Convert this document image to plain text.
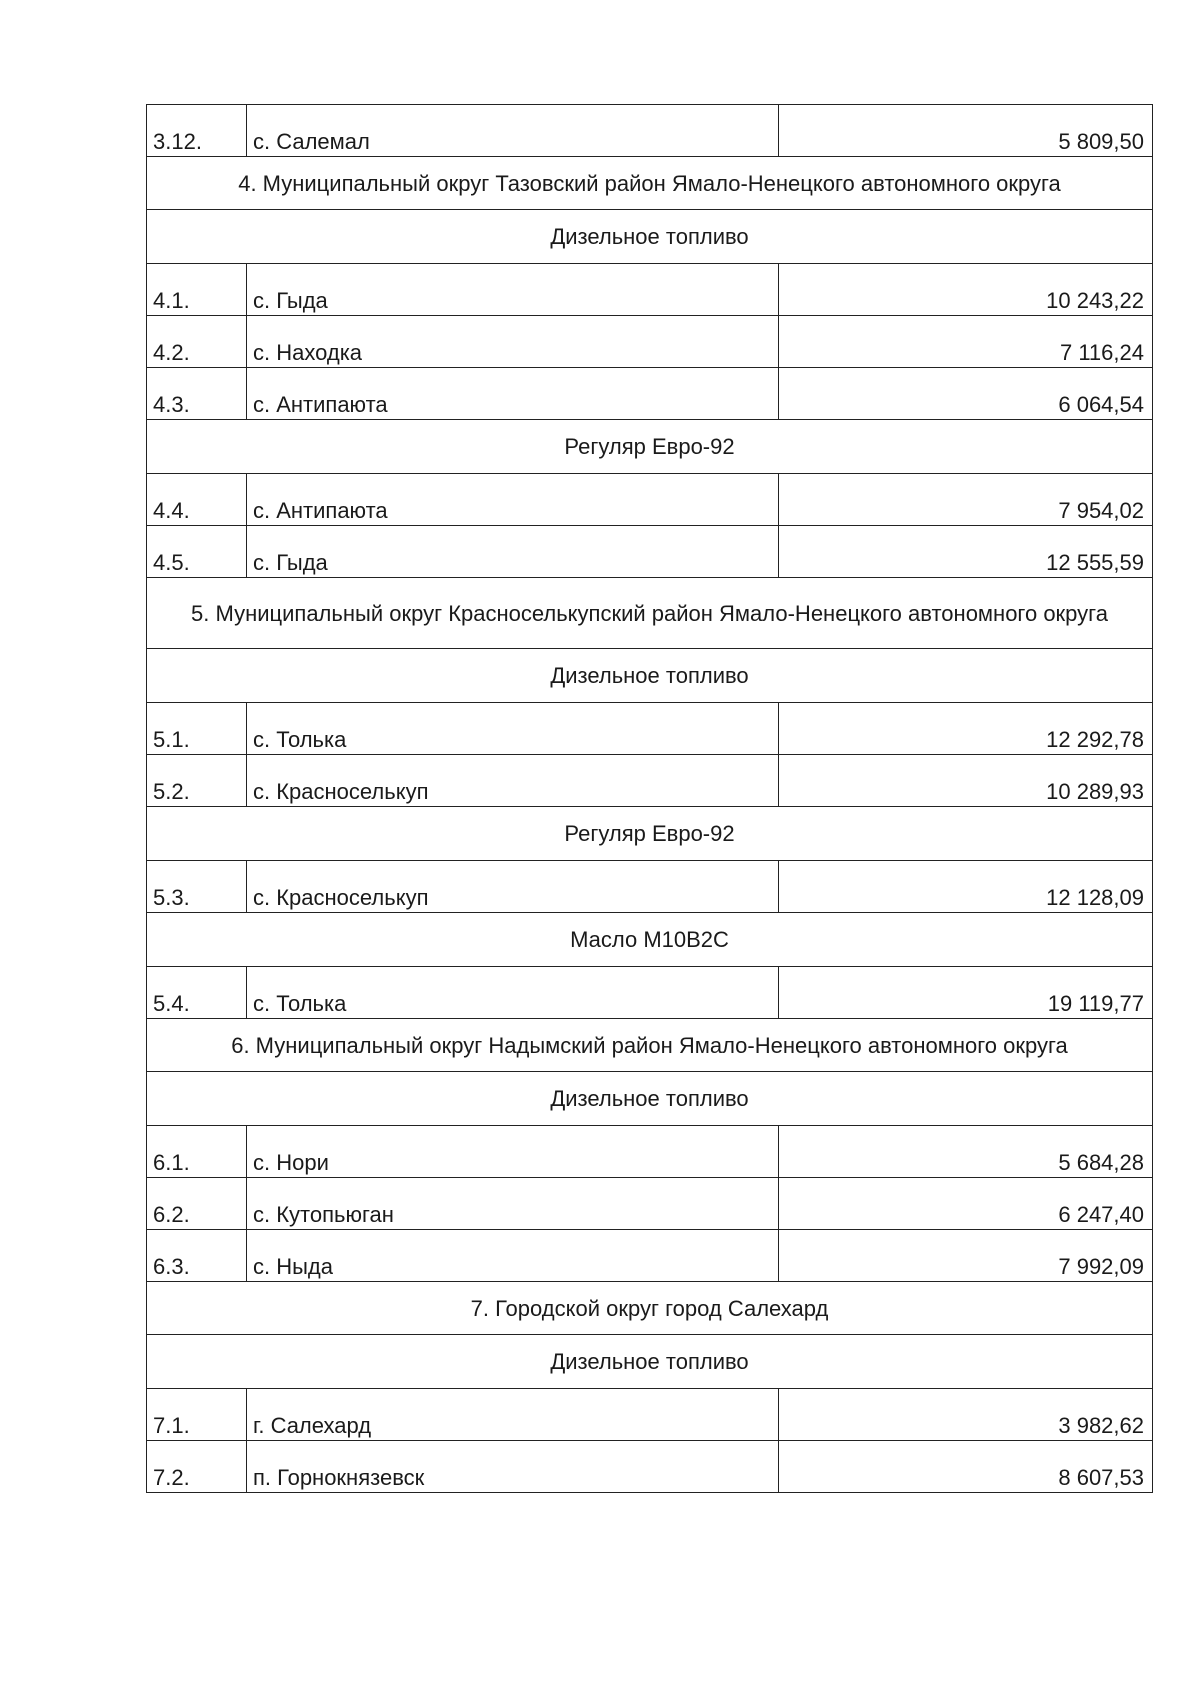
3.12.	с. Салемал	5 809,50
4. Муниципальный округ Тазовский район Ямало-Ненецкого автономного округа		
Дизельное топливо		
4.1.	с. Гыда	10 243,22
4.2.	с. Находка	7 116,24
4.3.	с. Антипаюта	6 064,54
Регуляр Евро-92		
4.4.	с. Антипаюта	7 954,02
4.5.	с. Гыда	12 555,59
5. Муниципальный округ Красноселькупский район Ямало-Ненецкого автономного округа		
Дизельное топливо		
5.1.	с. Толька	12 292,78
5.2.	с. Красноселькуп	10 289,93
Регуляр Евро-92		
5.3.	с. Красноселькуп	12 128,09
Масло М10В2С		
5.4.	с. Толька	19 119,77
6. Муниципальный округ Надымский район Ямало-Ненецкого автономного округа		
Дизельное топливо		
6.1.	с. Нори	5 684,28
6.2.	с. Кутопьюган	6 247,40
6.3.	с. Ныда	7 992,09
7. Городской округ город Салехард		
Дизельное топливо		
7.1.	г. Салехард	3 982,62
7.2.	п. Горнокнязевск	8 607,53
